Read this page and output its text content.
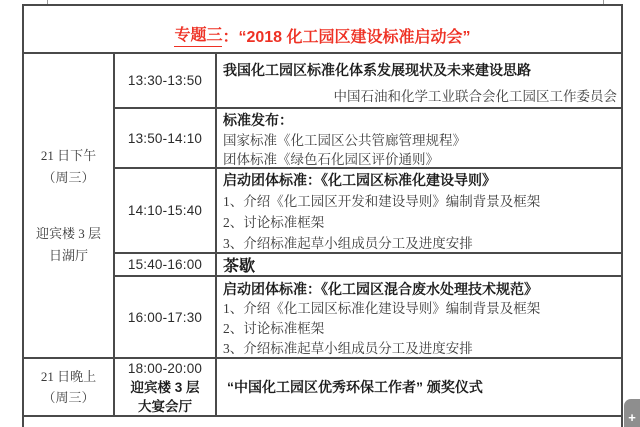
专题三 ： “2018 化工园区建设标准启动会”
21 日下午
（周三）
迎宾楼 3 层
日湖厅
13:30-13:50
13:50-14:10
14:10-15:40
15:40-16:00
16:00-17:30
我国化工园区标准化体系发展现状及未来建设思路
中国石油和化学工业联合会化工园区工作委员会
标准发布：
国家标准《化工园区公共管廊管理规程》
团体标准《绿色石化园区评价通则》
启动团体标准：《化工园区标准化建设导则》
1、介绍《化工园区开发和建设导则》编制背景及框架
2、讨论标准框架
3、介绍标准起草小组成员分工及进度安排
茶歇
启动团体标准：《化工园区混合废水处理技术规范》
1、介绍《化工园区标准化建设导则》编制背景及框架
2、讨论标准框架
3、介绍标准起草小组成员分工及进度安排
21 日晚上
（周三）
18:00-20:00
迎宾楼 3 层
大宴会厅
“中国化工园区优秀环保工作者” 颁奖仪式
+
